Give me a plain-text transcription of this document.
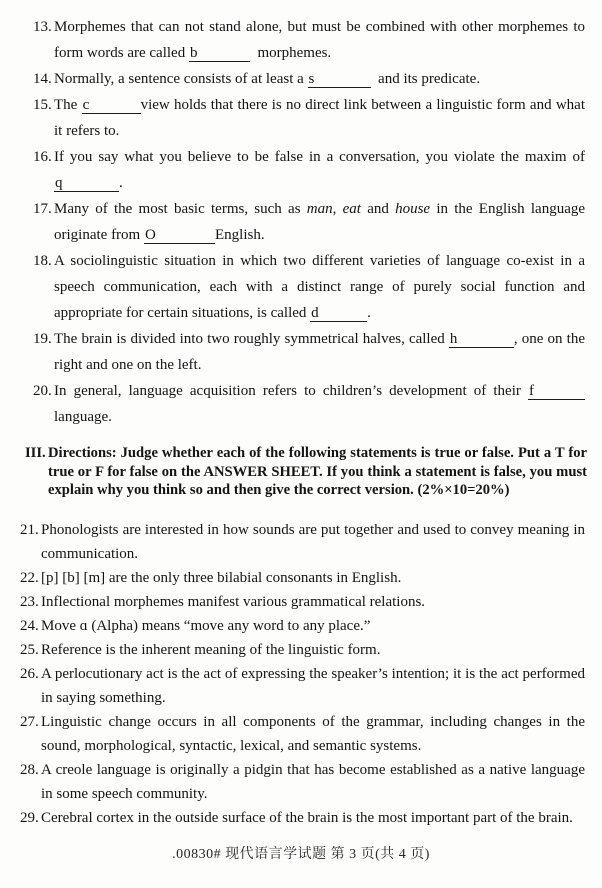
13. Morphemes that can not stand alone, but must be combined with other morphemes to form words are called b	morphemes.
14. Normally, a sentence consists of at least a s	and its predicate.
15. The c	view holds that there is no direct link between a linguistic form and what it refers to.
16. If you say what you believe to be false in a conversation, you violate the maxim of q	.
17. Many of the most basic terms, such as man, eat and house in the English language originate from O	English.
18. A sociolinguistic situation in which two different varieties of language co-exist in a speech communication, each with a distinct range of purely social function and appropriate for certain situations, is called d	.
19. The brain is divided into two roughly symmetrical halves, called h	, one on the right and one on the left.
20. In general, language acquisition refers to children’s development of their flanguage.
III. Directions: Judge whether each of the following statements is true or false. Put a T for true or F for false on the ANSWER SHEET. If you think a statement is false, you must explain why you think so and then give the correct version. (2%×10=20%)
21. Phonologists are interested in how sounds are put together and used to convey meaning in communication.
22. [p] [b] [m] are the only three bilabial consonants in English.
23. Inflectional morphemes manifest various grammatical relations.
24. Move ɑ (Alpha) means “move any word to any place.”
25. Reference is the inherent meaning of the linguistic form.
26. A perlocutionary act is the act of expressing the speaker’s intention; it is the act performed in saying something.
27. Linguistic change occurs in all components of the grammar, including changes in the sound, morphological, syntactic, lexical, and semantic systems.
28. A creole language is originally a pidgin that has become established as a native language in some speech community.
29. Cerebral cortex in the outside surface of the brain is the most important part of the brain.
.00830# 现代语言学试题 第 3 页(共 4 页)
